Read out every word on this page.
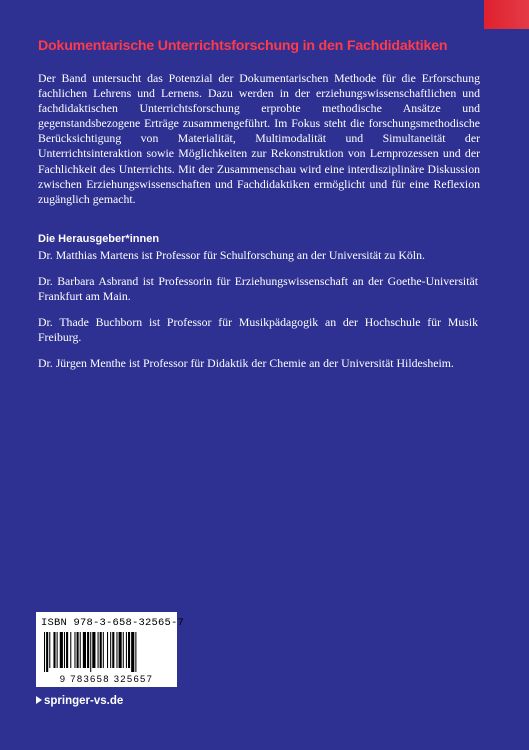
Dokumentarische Unterrichtsforschung in den Fachdidaktiken

Der Band untersucht das Potenzial der Dokumentarischen Methode für die Erforschung fachlichen Lehrens und Lernens. Dazu werden in der erziehungswissenschaftlichen und fachdidaktischen Unterrichtsforschung erprobte methodische Ansätze und gegenstandsbezogene Erträge zusammengeführt. Im Fokus steht die forschungsmethodische Berücksichtigung von Materialität, Multimodalität und Simultaneität der Unterrichtsinteraktion sowie Möglichkeiten zur Rekonstruktion von Lernprozessen und der Fachlichkeit des Unterrichts. Mit der Zusammenschau wird eine interdisziplinäre Diskussion zwischen Erziehungswissenschaften und Fachdidaktiken ermöglicht und für eine Reflexion zugänglich gemacht.

Die Herausgeber*innen

Dr. Matthias Martens ist Professor für Schulforschung an der Universität zu Köln.

Dr. Barbara Asbrand ist Professorin für Erziehungswissenschaft an der Goethe-Universität Frankfurt am Main.

Dr. Thade Buchborn ist Professor für Musikpädagogik an der Hochschule für Musik Freiburg.

Dr. Jürgen Menthe ist Professor für Didaktik der Chemie an der Universität Hildesheim.

ISBN 978-3-658-32565-7
9 783658 325657
springer-vs.de
